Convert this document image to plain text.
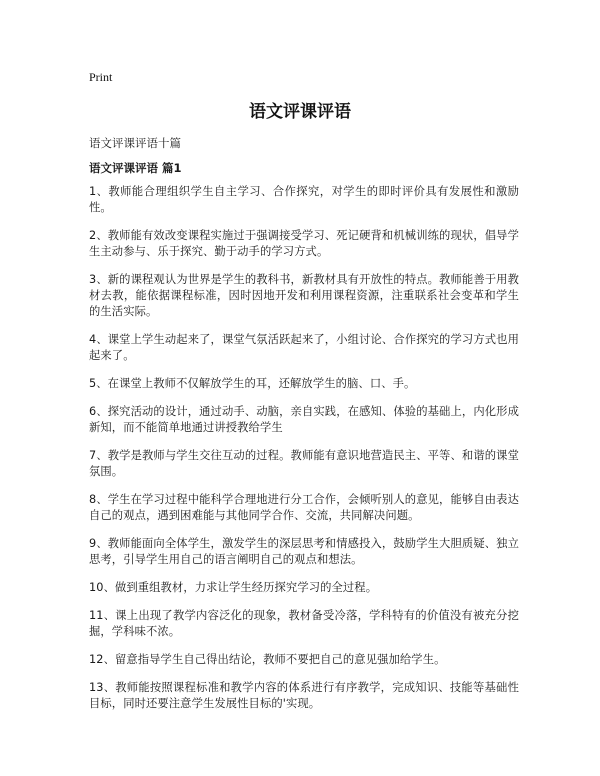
Print
语文评课评语

语文评课评语十篇

语文评课评语 篇1
1、教师能合理组织学生自主学习、合作探究，对学生的即时评价具有发展性和激励性。
2、教师能有效改变课程实施过于强调接受学习、死记硬背和机械训练的现状，倡导学生主动参与、乐于探究、勤于动手的学习方式。
3、新的课程观认为世界是学生的教科书，新教材具有开放性的特点。教师能善于用教材去教，能依据课程标准，因时因地开发和利用课程资源，注重联系社会变革和学生的生活实际。
4、课堂上学生动起来了，课堂气氛活跃起来了，小组讨论、合作探究的学习方式也用起来了。
5、在课堂上教师不仅解放学生的耳，还解放学生的脑、口、手。
6、探究活动的设计，通过动手、动脑，亲自实践，在感知、体验的基础上，内化形成新知，而不能简单地通过讲授教给学生
7、教学是教师与学生交往互动的过程。教师能有意识地营造民主、平等、和谐的课堂氛围。
8、学生在学习过程中能科学合理地进行分工合作，会倾听别人的意见，能够自由表达自己的观点，遇到困难能与其他同学合作、交流，共同解决问题。
9、教师能面向全体学生，激发学生的深层思考和情感投入，鼓励学生大胆质疑、独立思考，引导学生用自己的语言阐明自己的观点和想法。
10、做到重组教材，力求让学生经历探究学习的全过程。
11、课上出现了教学内容泛化的现象，教材备受冷落，学科特有的价值没有被充分挖掘，学科味不浓。
12、留意指导学生自己得出结论，教师不要把自己的意见强加给学生。
13、教师能按照课程标准和教学内容的体系进行有序教学，完成知识、技能等基础性目标，同时还要注意学生发展性目标的'实现。
